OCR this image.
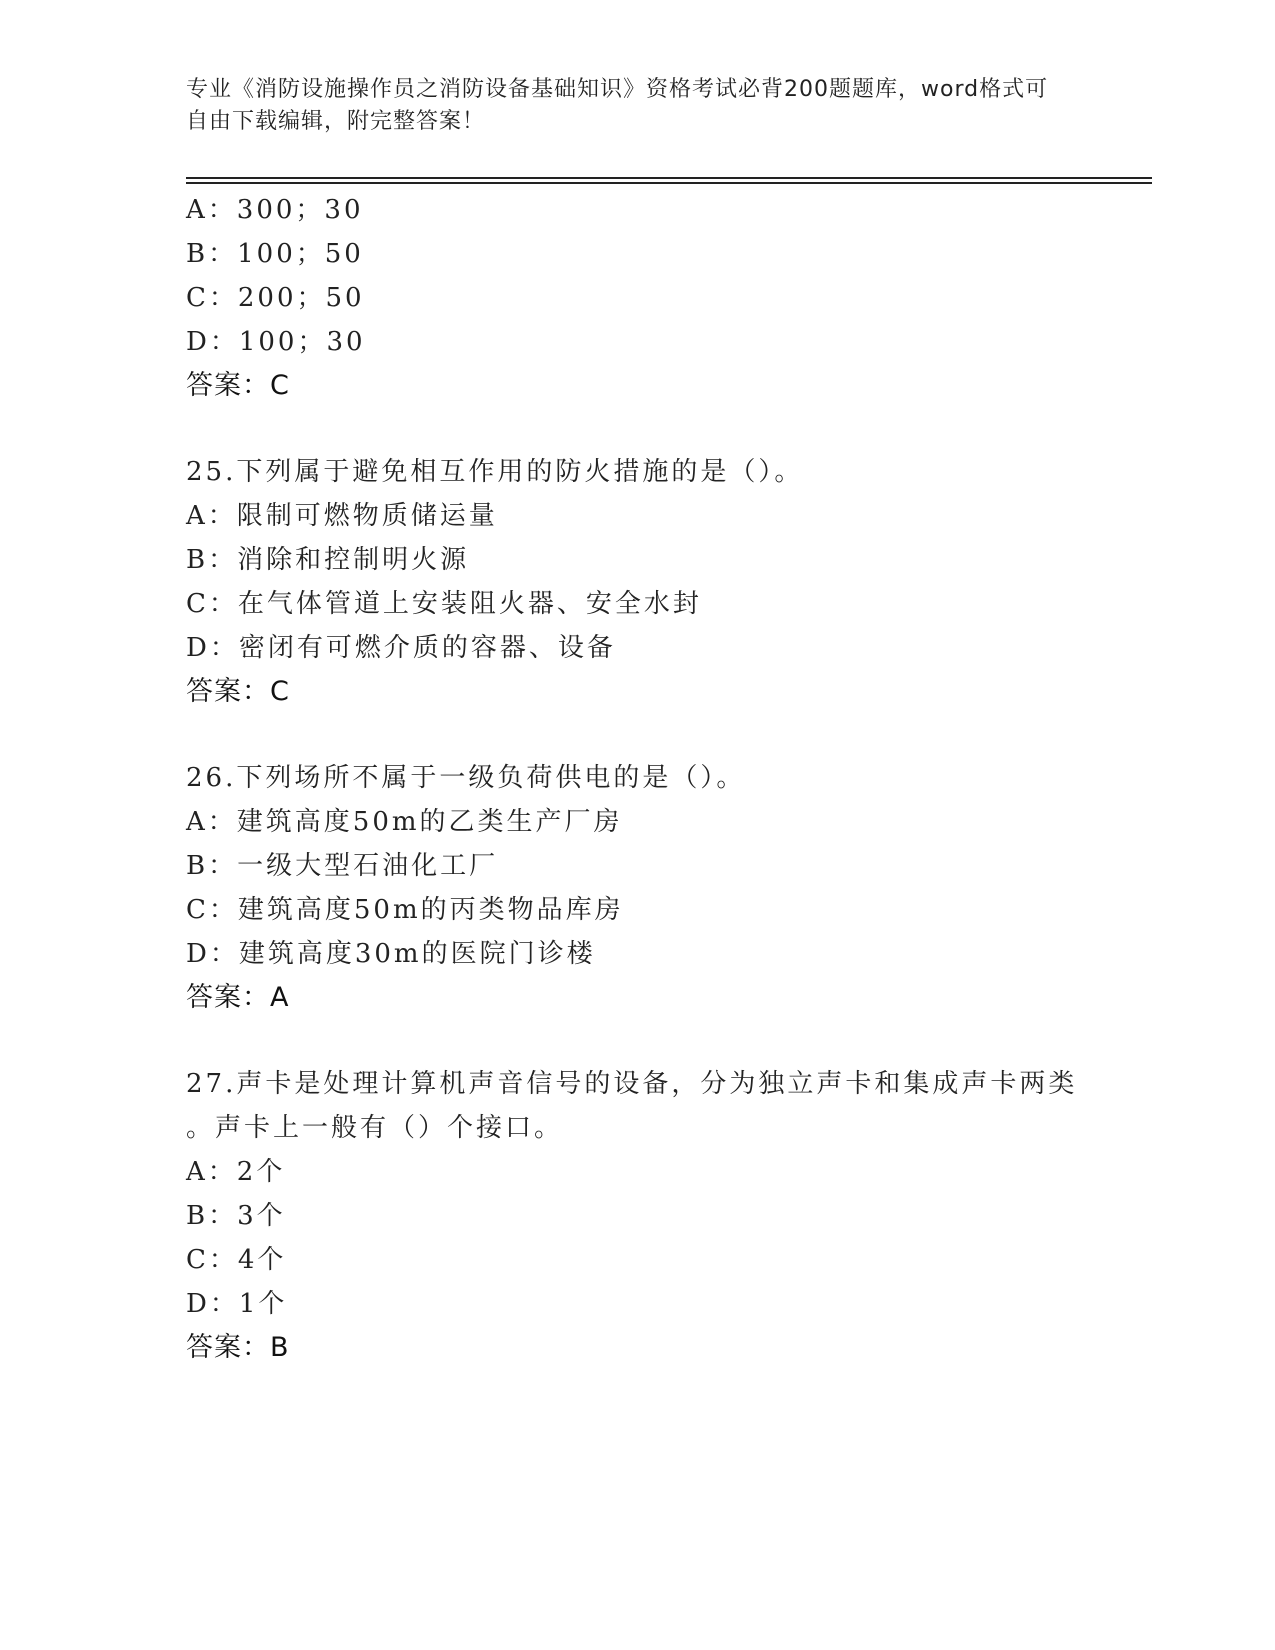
专业《消防设施操作员之消防设备基础知识》资格考试必背200题题库，word格式可自由下载编辑，附完整答案！
A：300；30
B：100；50
C：200；50
D：100；30
答案：C
25.下列属于避免相互作用的防火措施的是（）。
A：限制可燃物质储运量
B：消除和控制明火源
C：在气体管道上安装阻火器、安全水封
D：密闭有可燃介质的容器、设备
答案：C
26.下列场所不属于一级负荷供电的是（）。
A：建筑高度50m的乙类生产厂房
B：一级大型石油化工厂
C：建筑高度50m的丙类物品库房
D：建筑高度30m的医院门诊楼
答案：A
27.声卡是处理计算机声音信号的设备，分为独立声卡和集成声卡两类
。声卡上一般有（）个接口。
A：2个
B：3个
C：4个
D：1个
答案：B
